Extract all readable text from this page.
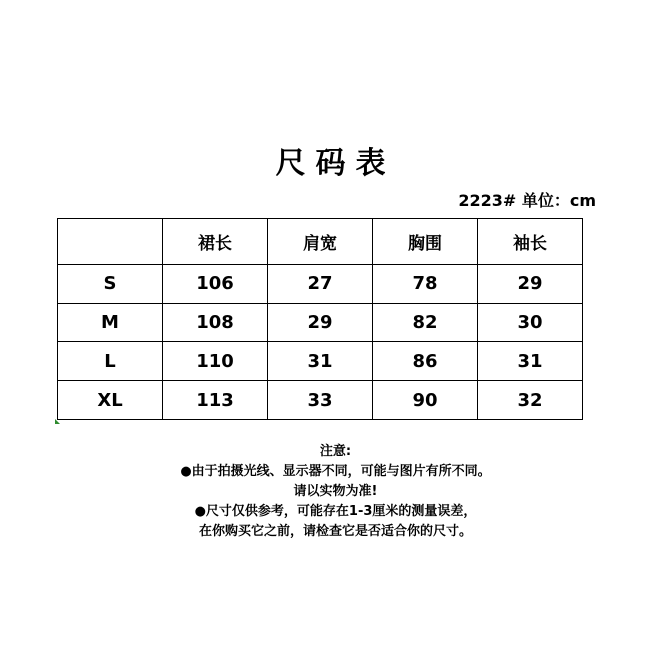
尺码表
2223# 单位：cm
	裙长	肩宽	胸围	袖长
S	106	27	78	29
M	108	29	82	30
L	110	31	86	31
XL	113	33	90	32
注意:
●由于拍摄光线、显示器不同，可能与图片有所不同。
请以实物为准!
●尺寸仅供参考，可能存在1-3厘米的测量误差，
在你购买它之前，请检查它是否适合你的尺寸。
